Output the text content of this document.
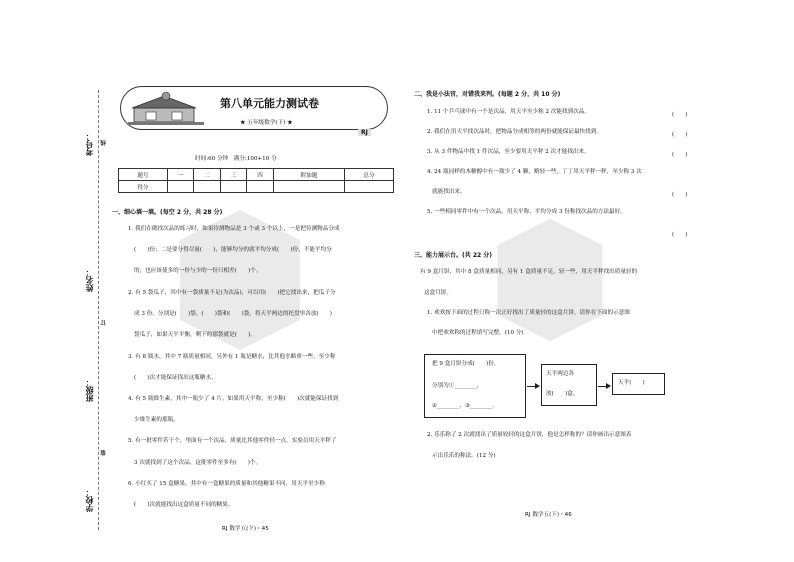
考号： 线
姓名：
订
班级：
装
学校：
第八单元能力测试卷
★ 五年级数学(下) ★
RJ
时间:60 分钟　满分:100+10 分
题号	一	二	三	四	附加题	总分
得分						
一、细心填一填。(每空 2 分，共 28 分)
1. 我们在做找次品的练习时，如果待测物品是 3 个或 3 个以上，一是把待测物品分成
(　　)份；二是要分得尽量(　　)，能够均分的就平均分成(　　)份，不能平均分
的，也应该使多的一份与少的一份只相差(　　)个。
2. 有 5 袋瓜子，其中有一袋质量不足(为次品)，可以用(　　)把它找出来，把瓜子分
成 3 份，分别是(　　)袋、(　　)袋和(　　)袋，将天平两边的托盘里各放(　　)
袋瓜子，如果天平平衡，剩下的那袋就是(　　)。
3. 有 8 瓶水，其中 7 瓶质量相同，另外有 1 瓶是糖水，比其他水略重一些，至少称
(　　)次才能保证找出这瓶糖水。
4. 有 5 瓶维生素，其中一瓶少了 4 片，如果用天平称，至少称(　　)次就能保证找到
少维生素的那瓶。
5. 有一批零件若干个，里面有一个次品，质量比其他零件轻一点。实验员用天平秤了
3 次就找到了这个次品，这批零件至多有(　　)个。
6. 小红买了 15 盒糖果，其中有一盒糖果的质量和其他糖果不同，用天平至少称
(　　)次就能找出这盒质量不同的糖果。
RJ 数学五(下)・45
二、我是小法官，对错我来判。(每题 2 分，共 10 分)
1. 11 个乒乓球中有一个是次品，用天平至少称 2 次能找到次品。	(　　)
2. 我们在用天平找次品时，把物品分成相等的两份就能保证最快找到。	(　　)
3. 从 3 件物品中找 1 件次品，至少要用天平秤 2 次才能找出来。	(　　)
4. 24 瓶同样的木糖醇中有一瓶少了 4 颗，略轻一些，丁丁用天平秤一秤，至少称 3 次
就能找出来。	(　　)
5. 一些相同零件中有一个次品，用天平称，平均分成 3 份称找次品的方法最好。
(　　)
三、能力展示台。(共 22 分)
有 9 盒月饼，其中 8 盒质量相同，另有 1 盒质量不足，轻一些，用天平秤找出质量轻的
这盒月饼。
1. 欢欢按下面的过程只称一次正好找出了质量轻的这盒月饼，请你在下面的示意图
中把欢欢称的过程填写完整。(10 分)
把 9 盒月饼分成(　　)份，
分别为①________，
②________，③________。
天平两边各
放(　　)盒。
天平(　　)
2. 乐乐称了 2 次就找出了质量较轻的这盒月饼，他是怎样称的？请你画出示意图表
示出乐乐的称法。(12 分)
RJ 数学五(下)・46
